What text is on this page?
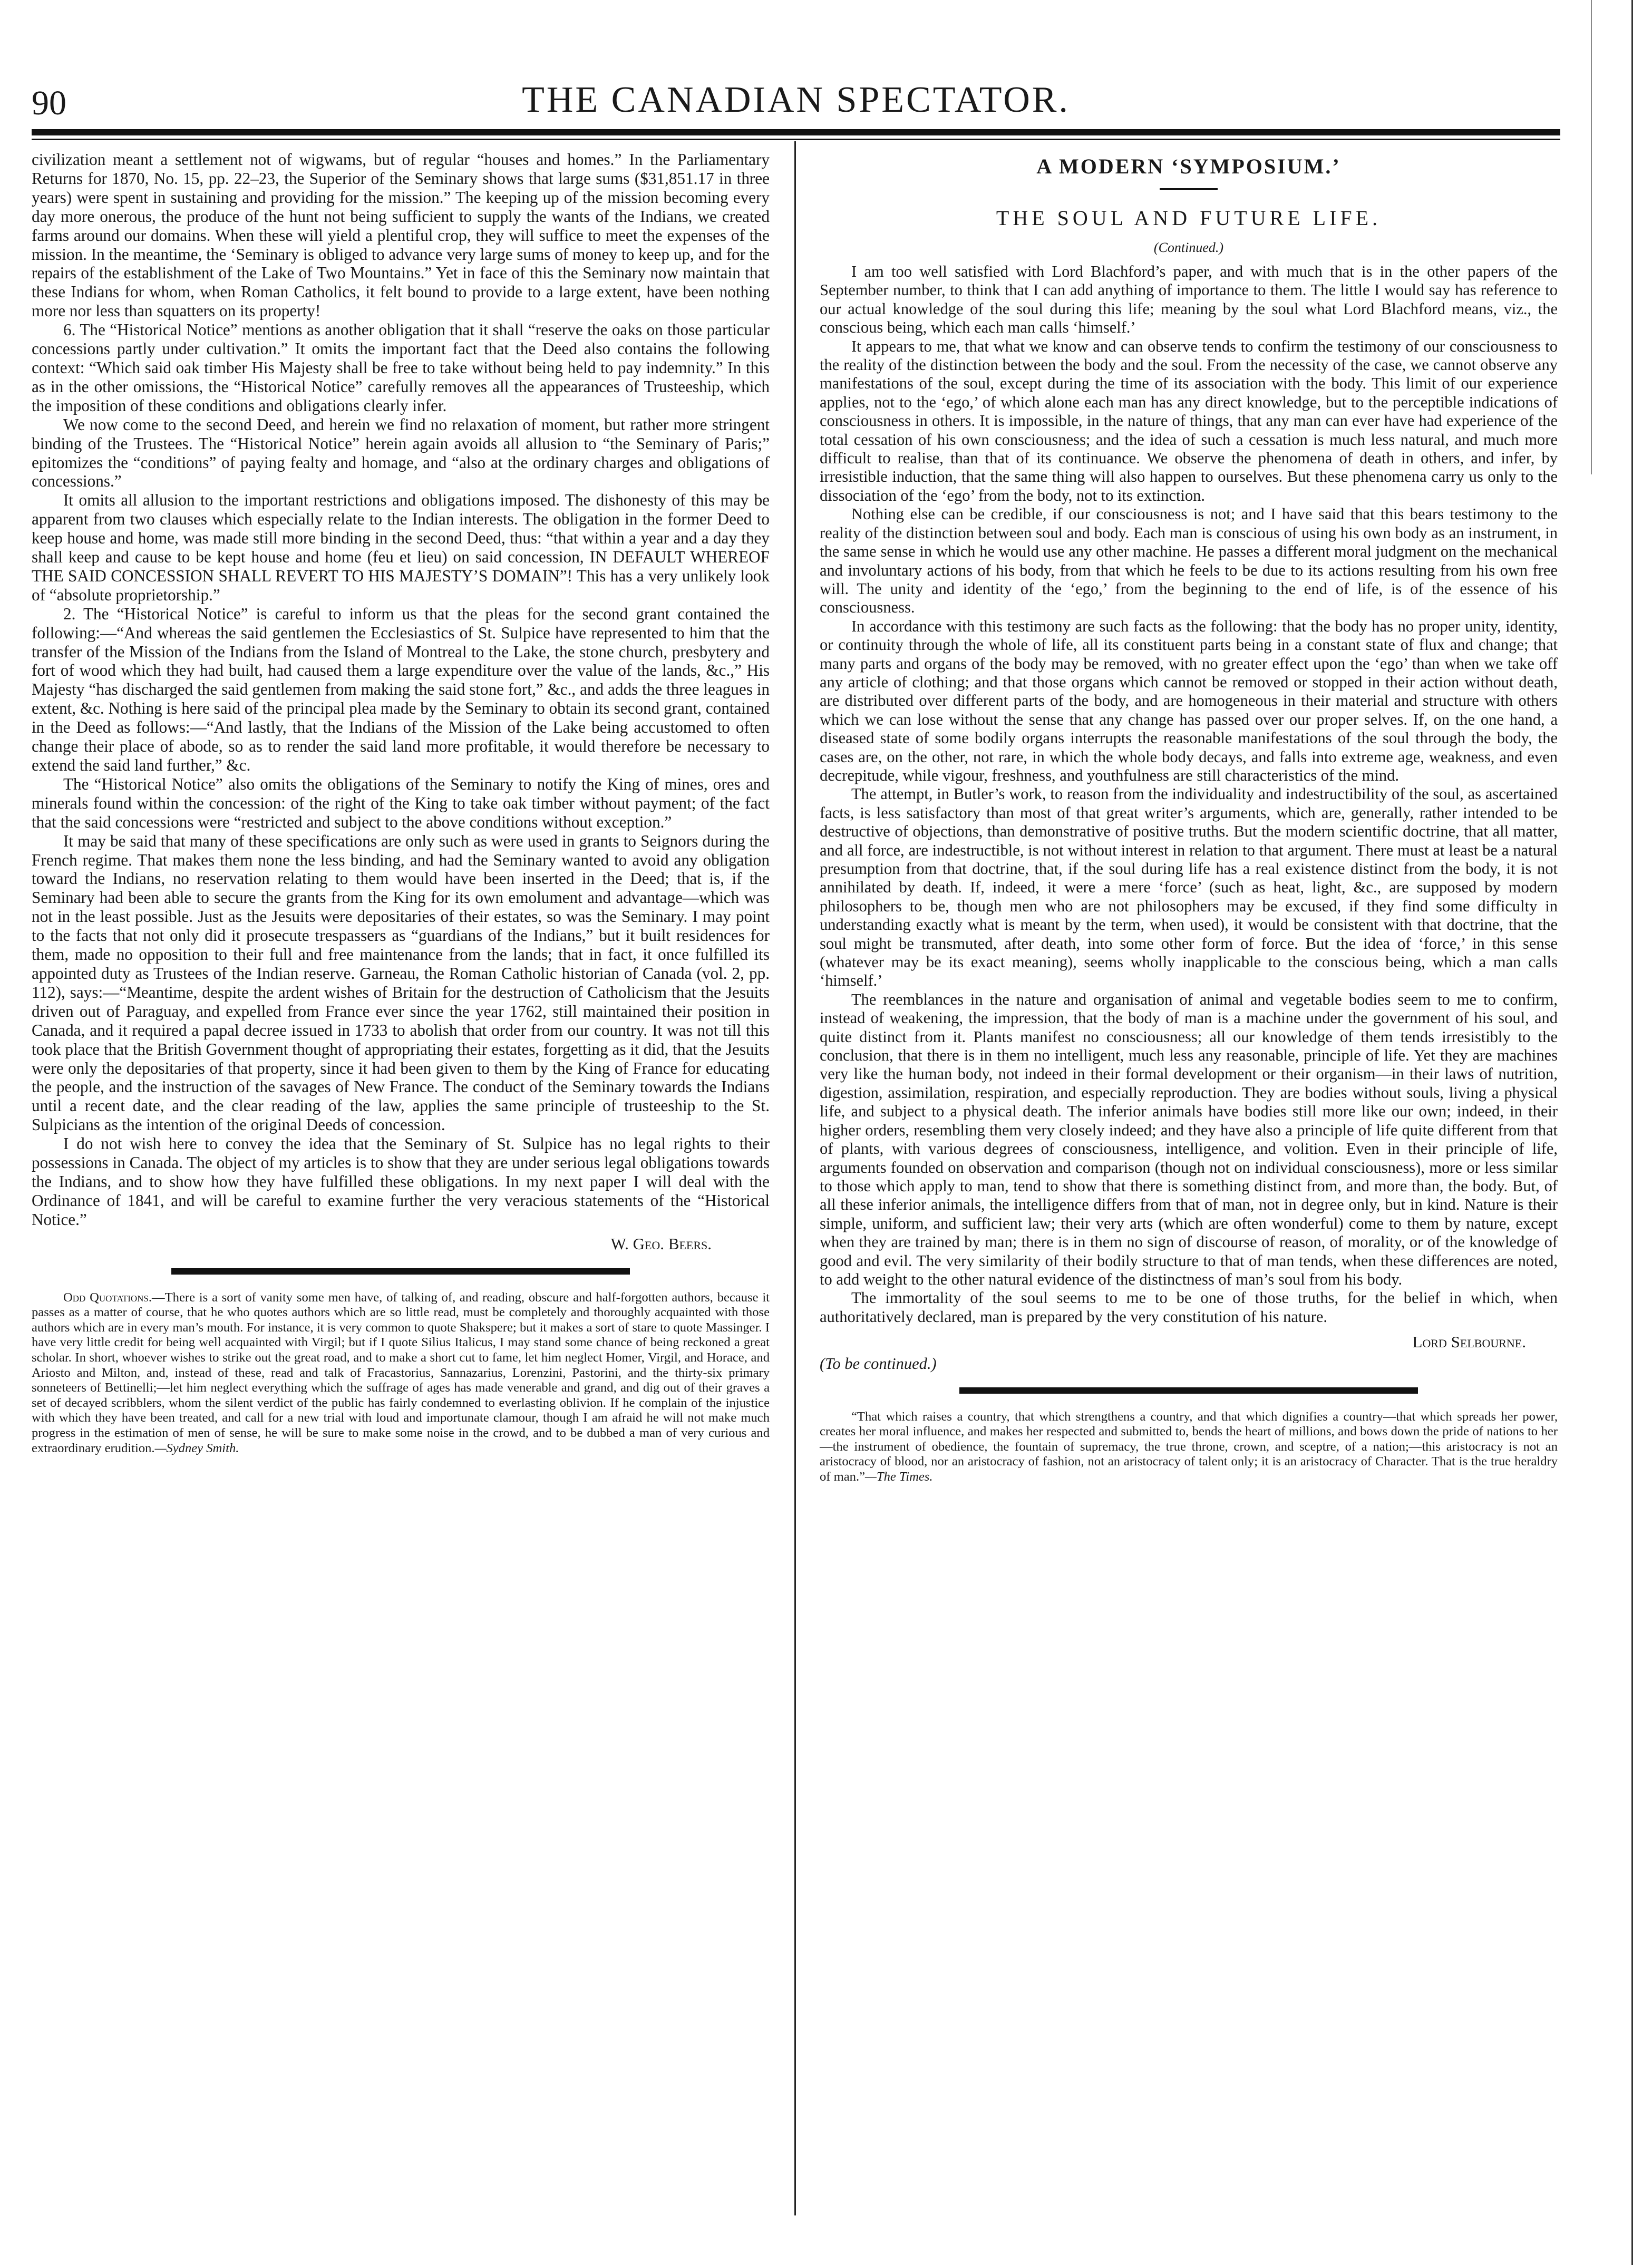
THE CANADIAN SPECTATOR.
90

civilization meant a settlement not of wigwams, but of regular “houses and homes.” In the Parliamentary Returns for 1870, No. 15, pp. 22–23, the Superior of the Seminary shows that large sums ($31,851.17 in three years) were spent in sustaining and providing for the mission.” The keeping up of the mission becoming every day more onerous, the produce of the hunt not being sufficient to supply the wants of the Indians, we created farms around our domains. When these will yield a plentiful crop, they will suffice to meet the expenses of the mission. In the meantime, the ‘Seminary is obliged to advance very large sums of money to keep up, and for the repairs of the establishment of the Lake of Two Mountains.” Yet in face of this the Seminary now maintain that these Indians for whom, when Roman Catholics, it felt bound to provide to a large extent, have been nothing more nor less than squatters on its property!

6. The “Historical Notice” mentions as another obligation that it shall “reserve the oaks on those particular concessions partly under cultivation.” It omits the important fact that the Deed also contains the following context: “Which said oak timber His Majesty shall be free to take without being held to pay indemnity.” In this as in the other omissions, the “Historical Notice” carefully removes all the appearances of Trusteeship, which the imposition of these conditions and obligations clearly infer.

We now come to the second Deed, and herein we find no relaxation of moment, but rather more stringent binding of the Trustees. The “Historical Notice” herein again avoids all allusion to “the Seminary of Paris;” epitomizes the “conditions” of paying fealty and homage, and “also at the ordinary charges and obligations of concessions.”

It omits all allusion to the important restrictions and obligations imposed. The dishonesty of this may be apparent from two clauses which especially relate to the Indian interests. The obligation in the former Deed to keep house and home, was made still more binding in the second Deed, thus: “that within a year and a day they shall keep and cause to be kept house and home (feu et lieu) on said concession, IN DEFAULT WHEREOF THE SAID CONCESSION SHALL REVERT TO HIS MAJESTY’S DOMAIN”! This has a very unlikely look of “absolute proprietorship.”

2. The “Historical Notice” is careful to inform us that the pleas for the second grant contained the following:—“And whereas the said gentlemen the Ecclesiastics of St. Sulpice have represented to him that the transfer of the Mission of the Indians from the Island of Montreal to the Lake, the stone church, presbytery and fort of wood which they had built, had caused them a large expenditure over the value of the lands, &c.,” His Majesty “has discharged the said gentlemen from making the said stone fort,” &c., and adds the three leagues in extent, &c. Nothing is here said of the principal plea made by the Seminary to obtain its second grant, contained in the Deed as follows:—“And lastly, that the Indians of the Mission of the Lake being accustomed to often change their place of abode, so as to render the said land more profitable, it would therefore be necessary to extend the said land further,” &c.

The “Historical Notice” also omits the obligations of the Seminary to notify the King of mines, ores and minerals found within the concession: of the right of the King to take oak timber without payment; of the fact that the said concessions were “restricted and subject to the above conditions without exception.”

It may be said that many of these specifications are only such as were used in grants to Seignors during the French regime. That makes them none the less binding, and had the Seminary wanted to avoid any obligation toward the Indians, no reservation relating to them would have been inserted in the Deed; that is, if the Seminary had been able to secure the grants from the King for its own emolument and advantage—which was not in the least possible. Just as the Jesuits were depositaries of their estates, so was the Seminary. I may point to the facts that not only did it prosecute trespassers as “guardians of the Indians,” but it built residences for them, made no opposition to their full and free maintenance from the lands; that in fact, it once fulfilled its appointed duty as Trustees of the Indian reserve. Garneau, the Roman Catholic historian of Canada (vol. 2, pp. 112), says:—“Meantime, despite the ardent wishes of Britain for the destruction of Catholicism that the Jesuits driven out of Paraguay, and expelled from France ever since the year 1762, still maintained their position in Canada, and it required a papal decree issued in 1733 to abolish that order from our country. It was not till this took place that the British Government thought of appropriating their estates, forgetting as it did, that the Jesuits were only the depositaries of that property, since it had been given to them by the King of France for educating the people, and the instruction of the savages of New France. The conduct of the Seminary towards the Indians until a recent date, and the clear reading of the law, applies the same principle of trusteeship to the St. Sulpicians as the intention of the original Deeds of concession.

I do not wish here to convey the idea that the Seminary of St. Sulpice has no legal rights to their possessions in Canada. The object of my articles is to show that they are under serious legal obligations towards the Indians, and to show how they have fulfilled these obligations. In my next paper I will deal with the Ordinance of 1841, and will be careful to examine further the very veracious statements of the “Historical Notice.”

W. Geo. Beers.

Odd Quotations.—There is a sort of vanity some men have, of talking of, and reading, obscure and half-forgotten authors, because it passes as a matter of course, that he who quotes authors which are so little read, must be completely and thoroughly acquainted with those authors which are in every man’s mouth. For instance, it is very common to quote Shakspere; but it makes a sort of stare to quote Massinger. I have very little credit for being well acquainted with Virgil; but if I quote Silius Italicus, I may stand some chance of being reckoned a great scholar. In short, whoever wishes to strike out the great road, and to make a short cut to fame, let him neglect Homer, Virgil, and Horace, and Ariosto and Milton, and, instead of these, read and talk of Fracastorius, Sannazarius, Lorenzini, Pastorini, and the thirty-six primary sonneteers of Bettinelli;—let him neglect everything which the suffrage of ages has made venerable and grand, and dig out of their graves a set of decayed scribblers, whom the silent verdict of the public has fairly condemned to everlasting oblivion. If he complain of the injustice with which they have been treated, and call for a new trial with loud and importunate clamour, though I am afraid he will not make much progress in the estimation of men of sense, he will be sure to make some noise in the crowd, and to be dubbed a man of very curious and extraordinary erudition.—Sydney Smith.

A MODERN ‘SYMPOSIUM.’
THE SOUL AND FUTURE LIFE.
(Continued.)

I am too well satisfied with Lord Blachford’s paper, and with much that is in the other papers of the September number, to think that I can add anything of importance to them. The little I would say has reference to our actual knowledge of the soul during this life; meaning by the soul what Lord Blachford means, viz., the conscious being, which each man calls ‘himself.’

It appears to me, that what we know and can observe tends to confirm the testimony of our consciousness to the reality of the distinction between the body and the soul. From the necessity of the case, we cannot observe any manifestations of the soul, except during the time of its association with the body. This limit of our experience applies, not to the ‘ego,’ of which alone each man has any direct knowledge, but to the perceptible indications of consciousness in others. It is impossible, in the nature of things, that any man can ever have had experience of the total cessation of his own consciousness; and the idea of such a cessation is much less natural, and much more difficult to realise, than that of its continuance. We observe the phenomena of death in others, and infer, by irresistible induction, that the same thing will also happen to ourselves. But these phenomena carry us only to the dissociation of the ‘ego’ from the body, not to its extinction.

Nothing else can be credible, if our consciousness is not; and I have said that this bears testimony to the reality of the distinction between soul and body. Each man is conscious of using his own body as an instrument, in the same sense in which he would use any other machine. He passes a different moral judgment on the mechanical and involuntary actions of his body, from that which he feels to be due to its actions resulting from his own free will. The unity and identity of the ‘ego,’ from the beginning to the end of life, is of the essence of his consciousness.

In accordance with this testimony are such facts as the following: that the body has no proper unity, identity, or continuity through the whole of life, all its constituent parts being in a constant state of flux and change; that many parts and organs of the body may be removed, with no greater effect upon the ‘ego’ than when we take off any article of clothing; and that those organs which cannot be removed or stopped in their action without death, are distributed over different parts of the body, and are homogeneous in their material and structure with others which we can lose without the sense that any change has passed over our proper selves. If, on the one hand, a diseased state of some bodily organs interrupts the reasonable manifestations of the soul through the body, the cases are, on the other, not rare, in which the whole body decays, and falls into extreme age, weakness, and even decrepitude, while vigour, freshness, and youthfulness are still characteristics of the mind.

The attempt, in Butler’s work, to reason from the individuality and indestructibility of the soul, as ascertained facts, is less satisfactory than most of that great writer’s arguments, which are, generally, rather intended to be destructive of objections, than demonstrative of positive truths. But the modern scientific doctrine, that all matter, and all force, are indestructible, is not without interest in relation to that argument. There must at least be a natural presumption from that doctrine, that, if the soul during life has a real existence distinct from the body, it is not annihilated by death. If, indeed, it were a mere ‘force’ (such as heat, light, &c., are supposed by modern philosophers to be, though men who are not philosophers may be excused, if they find some difficulty in understanding exactly what is meant by the term, when used), it would be consistent with that doctrine, that the soul might be transmuted, after death, into some other form of force. But the idea of ‘force,’ in this sense (whatever may be its exact meaning), seems wholly inapplicable to the conscious being, which a man calls ‘himself.’

The reemblances in the nature and organisation of animal and vegetable bodies seem to me to confirm, instead of weakening, the impression, that the body of man is a machine under the government of his soul, and quite distinct from it. Plants manifest no consciousness; all our knowledge of them tends irresistibly to the conclusion, that there is in them no intelligent, much less any reasonable, principle of life. Yet they are machines very like the human body, not indeed in their formal development or their organism—in their laws of nutrition, digestion, assimilation, respiration, and especially reproduction. They are bodies without souls, living a physical life, and subject to a physical death. The inferior animals have bodies still more like our own; indeed, in their higher orders, resembling them very closely indeed; and they have also a principle of life quite different from that of plants, with various degrees of consciousness, intelligence, and volition. Even in their principle of life, arguments founded on observation and comparison (though not on individual consciousness), more or less similar to those which apply to man, tend to show that there is something distinct from, and more than, the body. But, of all these inferior animals, the intelligence differs from that of man, not in degree only, but in kind. Nature is their simple, uniform, and sufficient law; their very arts (which are often wonderful) come to them by nature, except when they are trained by man; there is in them no sign of discourse of reason, of morality, or of the knowledge of good and evil. The very similarity of their bodily structure to that of man tends, when these differences are noted, to add weight to the other natural evidence of the distinctness of man’s soul from his body.

The immortality of the soul seems to me to be one of those truths, for the belief in which, when authoritatively declared, man is prepared by the very constitution of his nature.

Lord Selbourne.

(To be continued.)

“That which raises a country, that which strengthens a country, and that which dignifies a country—that which spreads her power, creates her moral influence, and makes her respected and submitted to, bends the heart of millions, and bows down the pride of nations to her—the instrument of obedience, the fountain of supremacy, the true throne, crown, and sceptre, of a nation;—this aristocracy is not an aristocracy of blood, nor an aristocracy of fashion, not an aristocracy of talent only; it is an aristocracy of Character. That is the true heraldry of man.”—The Times.
